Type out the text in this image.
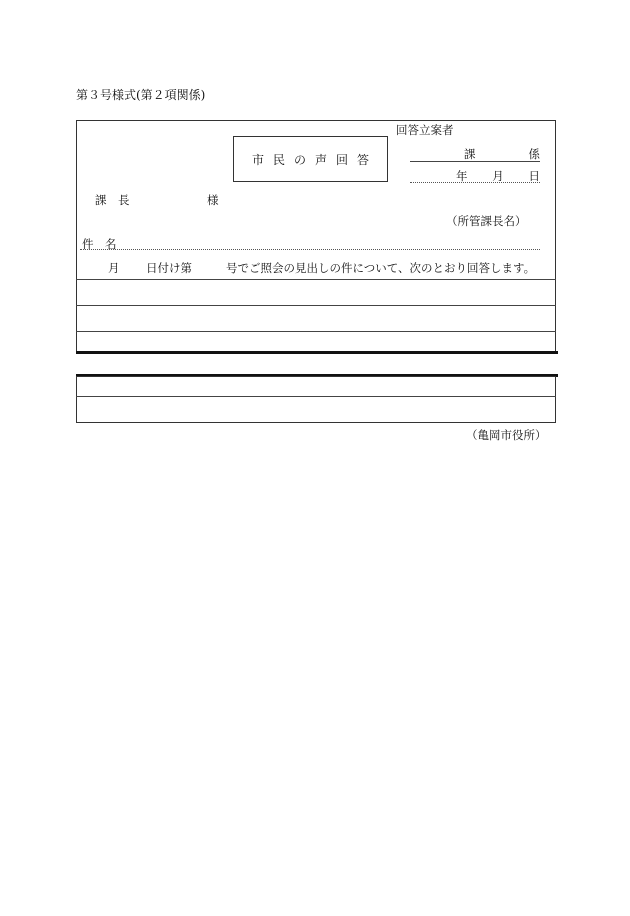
第３号様式(第２項関係)
市民の声回答
回答立案者
課	係
年 月 日
課　長	様
（所管課長名）
件　名
月 日付け第	号でご照会の見出しの件について、次のとおり回答します。
（亀岡市役所）
